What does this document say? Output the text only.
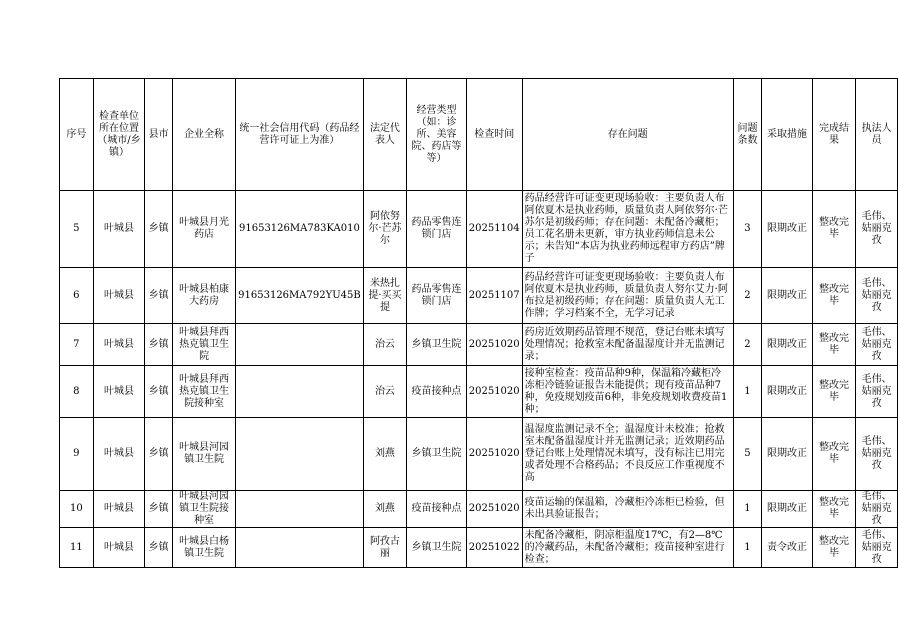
序号	检查单位所在位置（城市/乡镇）	县市	企业全称	统一社会信用代码（药品经营许可证上为准）	法定代表人	经营类型（如：诊所、美容院、药店等等）	检查时间	存在问题	问题条数	采取措施	完成结果	执法人员
5	叶城县	乡镇	叶城县月光药店	91653126MA783KA010	阿依努尔·芒苏尔	药品零售连锁门店	20251104	药品经营许可证变更现场验收：主要负责人布阿依夏木是执业药师，质量负责人阿依努尔·芒苏尔是初级药师；存在问题：未配备冷藏柜；员工花名册未更新，审方执业药师信息未公示；未告知“本店为执业药师远程审方药店”牌子	3	限期改正	整改完毕	毛伟、姑丽克孜
6	叶城县	乡镇	叶城县柏康大药房	91653126MA792YU45B	米热扎提·买买提	药品零售连锁门店	20251107	药品经营许可证变更现场验收：主要负责人布阿依夏木是执业药师，质量负责人努尔艾力·阿布拉是初级药师；存在问题：质量负责人无工作牌；学习档案不全，无学习记录	2	限期改正	整改完毕	毛伟、姑丽克孜
7	叶城县	乡镇	叶城县拜西热克镇卫生院		治云	乡镇卫生院	20251020	药房近效期药品管理不规范，登记台账未填写处理情况；抢救室未配备温湿度计并无监测记录；	2	限期改正	整改完毕	毛伟、姑丽克孜
8	叶城县	乡镇	叶城县拜西热克镇卫生院接种室		治云	疫苗接种点	20251020	接种室检查：疫苗品种9种，保温箱冷藏柜冷冻柜冷链验证报告未能提供；现有疫苗品种7种，免疫规划疫苗6种，非免疫规划收费疫苗1种；	1	限期改正	整改完毕	毛伟、姑丽克孜
9	叶城县	乡镇	叶城县河园镇卫生院		刘燕	乡镇卫生院	20251020	温湿度监测记录不全；温湿度计未校准；抢救室未配备温湿度计并无监测记录；近效期药品登记台账上处理情况未填写，没有标注已用完或者处理不合格药品；不良反应工作重视度不高	5	限期改正	整改完毕	毛伟、姑丽克孜
10	叶城县	乡镇	叶城县河园镇卫生院接种室		刘燕	疫苗接种点	20251020	疫苗运输的保温箱，冷藏柜冷冻柜已检验，但未出具验证报告；	1	限期改正	整改完毕	毛伟、姑丽克孜
11	叶城县	乡镇	叶城县白杨镇卫生院		阿孜古丽	乡镇卫生院	20251022	未配备冷藏柜，阴凉柜温度17℃，有2—8℃的冷藏药品，未配备冷藏柜；疫苗接种室进行检查；	1	责令改正	整改完毕	毛伟、姑丽克孜
